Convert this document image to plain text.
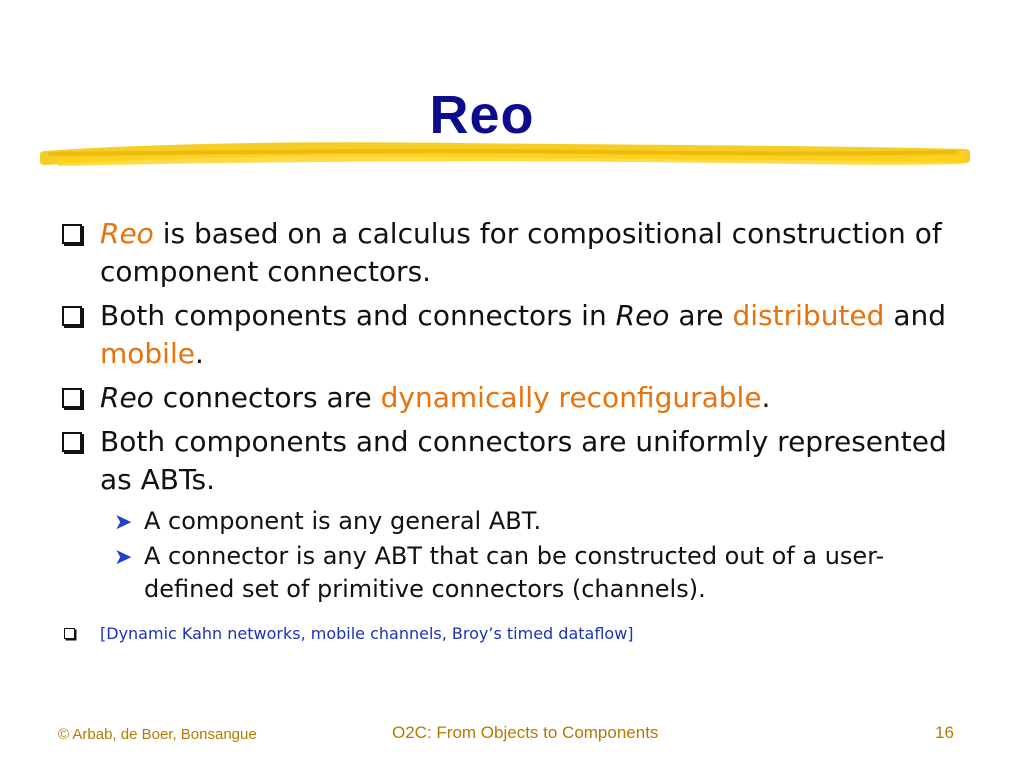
Reo
Reo is based on a calculus for compositional construction of component connectors.
Both components and connectors in Reo are distributed and mobile.
Reo connectors are dynamically reconfigurable.
Both components and connectors are uniformly represented as ABTs.
➤ A component is any general ABT.
➤ A connector is any ABT that can be constructed out of a user-defined set of primitive connectors (channels).
[Dynamic Kahn networks, mobile channels, Broy’s timed dataflow]
© Arbab, de Boer, Bonsangue	O2C: From Objects to Components	16
